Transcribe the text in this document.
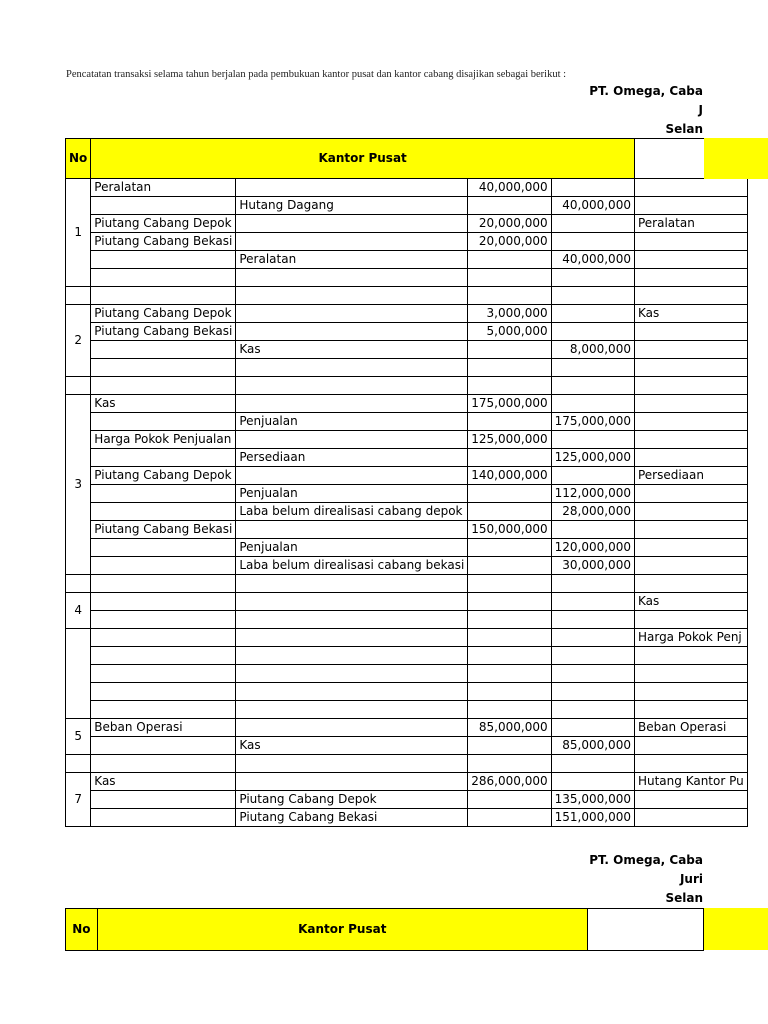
Pencatatan transaksi selama tahun berjalan pada pembukuan kantor pusat dan kantor cabang disajikan sebagai berikut :
PT. Omega, Caba
J
Selan
No	Kantor Pusat				
1	Peralatan		40,000,000		
		Hutang Dagang		40,000,000	
	Piutang Cabang Depok		20,000,000		Peralatan
	Piutang Cabang Bekasi		20,000,000		
		Peralatan		40,000,000	

2	Piutang Cabang Depok		3,000,000		Kas
	Piutang Cabang Bekasi		5,000,000		
		Kas		8,000,000	

3	Kas		175,000,000		
		Penjualan		175,000,000	
	Harga Pokok Penjualan		125,000,000		
		Persediaan		125,000,000	
	Piutang Cabang Depok		140,000,000		Persediaan
		Penjualan		112,000,000	
		Laba belum direalisasi cabang depok		28,000,000	
	Piutang Cabang Bekasi		150,000,000		
		Penjualan		120,000,000	
		Laba belum direalisasi cabang bekasi		30,000,000	

4					Kas

					Harga Pokok Penj

5	Beban Operasi		85,000,000		Beban Operasi
		Kas		85,000,000	

7	Kas		286,000,000		Hutang Kantor Pu
		Piutang Cabang Depok		135,000,000	
		Piutang Cabang Bekasi		151,000,000	
PT. Omega, Caba
Juri
Selan
No	Kantor Pusat	
